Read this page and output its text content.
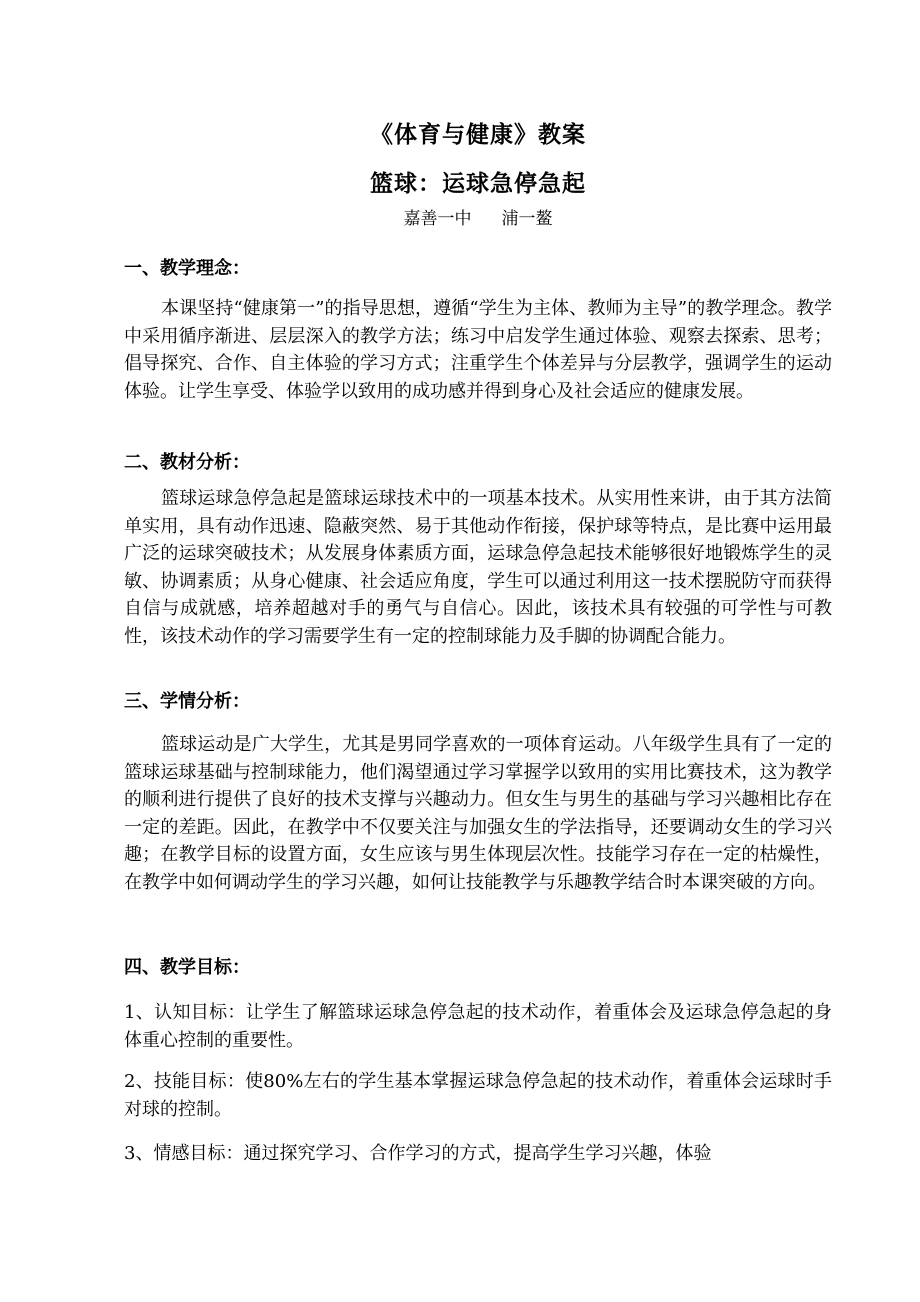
《体育与健康》教案
篮球：运球急停急起
嘉善一中 浦一鳌
一、教学理念：
本课坚持“健康第一”的指导思想，遵循“学生为主体、教师为主导”的教学理念。教学中采用循序渐进、层层深入的教学方法；练习中启发学生通过体验、观察去探索、思考；倡导探究、合作、自主体验的学习方式；注重学生个体差异与分层教学，强调学生的运动体验。让学生享受、体验学以致用的成功感并得到身心及社会适应的健康发展。
二、教材分析：
篮球运球急停急起是篮球运球技术中的一项基本技术。从实用性来讲，由于其方法简单实用，具有动作迅速、隐蔽突然、易于其他动作衔接，保护球等特点，是比赛中运用最广泛的运球突破技术；从发展身体素质方面，运球急停急起技术能够很好地锻炼学生的灵敏、协调素质；从身心健康、社会适应角度，学生可以通过利用这一技术摆脱防守而获得自信与成就感，培养超越对手的勇气与自信心。因此，该技术具有较强的可学性与可教性，该技术动作的学习需要学生有一定的控制球能力及手脚的协调配合能力。
三、学情分析：
篮球运动是广大学生，尤其是男同学喜欢的一项体育运动。八年级学生具有了一定的篮球运球基础与控制球能力，他们渴望通过学习掌握学以致用的实用比赛技术，这为教学的顺利进行提供了良好的技术支撑与兴趣动力。但女生与男生的基础与学习兴趣相比存在一定的差距。因此，在教学中不仅要关注与加强女生的学法指导，还要调动女生的学习兴趣；在教学目标的设置方面，女生应该与男生体现层次性。技能学习存在一定的枯燥性，在教学中如何调动学生的学习兴趣，如何让技能教学与乐趣教学结合时本课突破的方向。
四、教学目标：
1、认知目标：让学生了解篮球运球急停急起的技术动作，着重体会及运球急停急起的身体重心控制的重要性。
2、技能目标：使80%左右的学生基本掌握运球急停急起的技术动作，着重体会运球时手对球的控制。
3、情感目标：通过探究学习、合作学习的方式，提高学生学习兴趣，体验
